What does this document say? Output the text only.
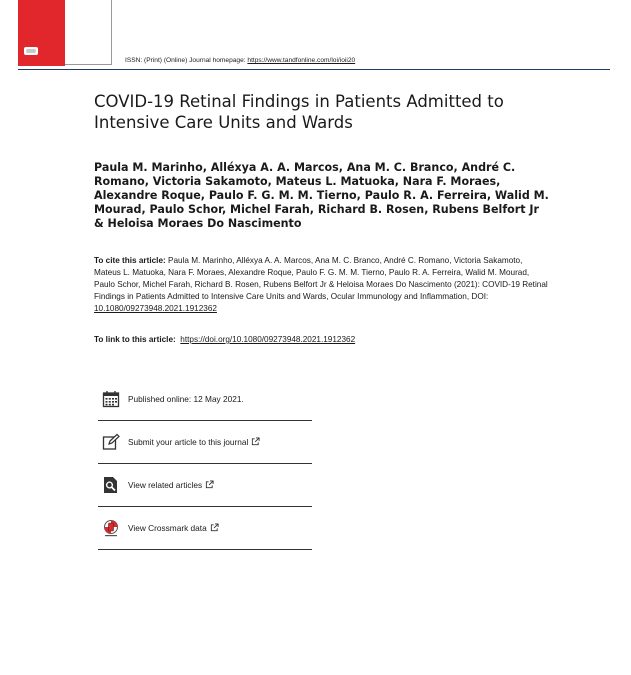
ISSN: (Print) (Online) Journal homepage: https://www.tandfonline.com/loi/ioii20
COVID-19 Retinal Findings in Patients Admitted to Intensive Care Units and Wards
Paula M. Marinho, Alléxya A. A. Marcos, Ana M. C. Branco, André C. Romano, Victoria Sakamoto, Mateus L. Matuoka, Nara F. Moraes, Alexandre Roque, Paulo F. G. M. M. Tierno, Paulo R. A. Ferreira, Walid M. Mourad, Paulo Schor, Michel Farah, Richard B. Rosen, Rubens Belfort Jr & Heloisa Moraes Do Nascimento
To cite this article: Paula M. Marinho, Alléxya A. A. Marcos, Ana M. C. Branco, André C. Romano, Victoria Sakamoto, Mateus L. Matuoka, Nara F. Moraes, Alexandre Roque, Paulo F. G. M. M. Tierno, Paulo R. A. Ferreira, Walid M. Mourad, Paulo Schor, Michel Farah, Richard B. Rosen, Rubens Belfort Jr & Heloisa Moraes Do Nascimento (2021): COVID-19 Retinal Findings in Patients Admitted to Intensive Care Units and Wards, Ocular Immunology and Inflammation, DOI: 10.1080/09273948.2021.1912362
To link to this article: https://doi.org/10.1080/09273948.2021.1912362
Published online: 12 May 2021.
Submit your article to this journal
View related articles
View Crossmark data
